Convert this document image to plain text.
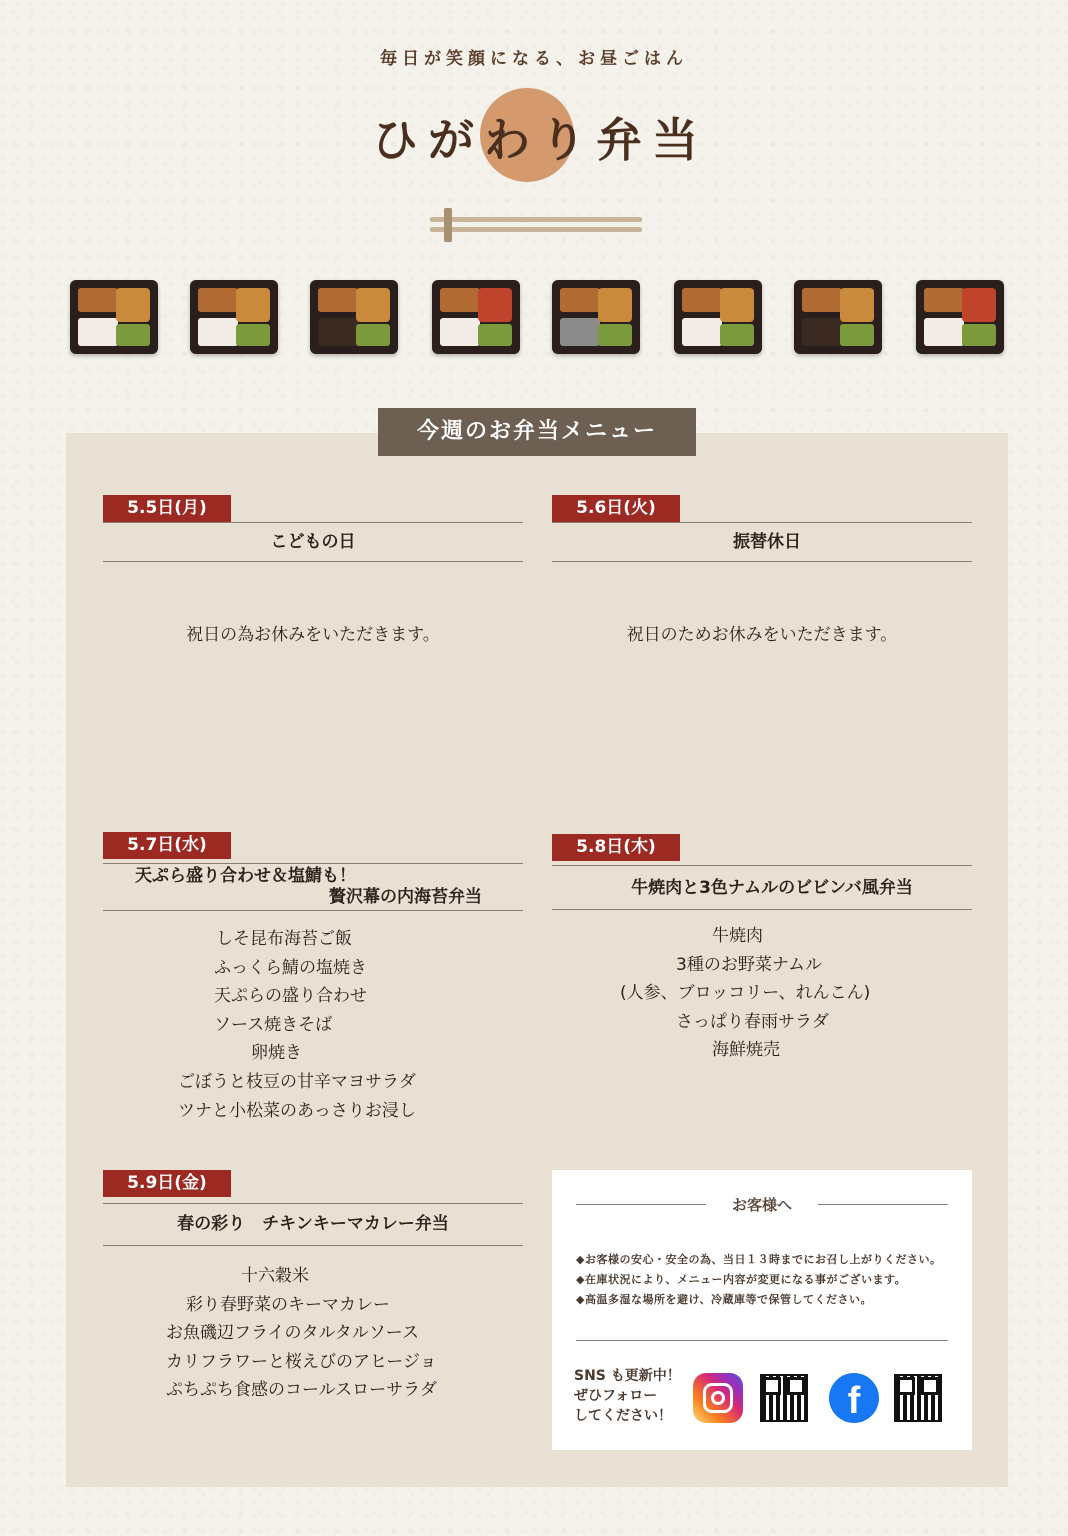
毎日が笑顔になる、お昼ごはん
ひがわり弁当
今週のお弁当メニュー
5.5日(月)
こどもの日
祝日の為お休みをいただきます。
5.6日(火)
振替休日
祝日のためお休みをいただきます。
5.7日(水)
天ぷら盛り合わせ＆塩鯖も！
贅沢幕の内海苔弁当
しそ昆布海苔ご飯
ふっくら鯖の塩焼き
天ぷらの盛り合わせ
ソース焼きそば
卵焼き
ごぼうと枝豆の甘辛マヨサラダ
ツナと小松菜のあっさりお浸し
5.8日(木)
牛焼肉と3色ナムルのビビンバ風弁当
牛焼肉
3種のお野菜ナムル
(人参、ブロッコリー、れんこん)
さっぱり春雨サラダ
海鮮焼売
5.9日(金)
春の彩り　チキンキーマカレー弁当
十六穀米
彩り春野菜のキーマカレー
お魚磯辺フライのタルタルソース
カリフラワーと桜えびのアヒージョ
ぷちぷち食感のコールスローサラダ
お客様へ
◆お客様の安心・安全の為、当日１３時までにお召し上がりください。
◆在庫状況により、メニュー内容が変更になる事がございます。
◆高温多湿な場所を避け、冷蔵庫等で保管してください。
SNS も更新中！
ぜひフォロー
してください！	f
